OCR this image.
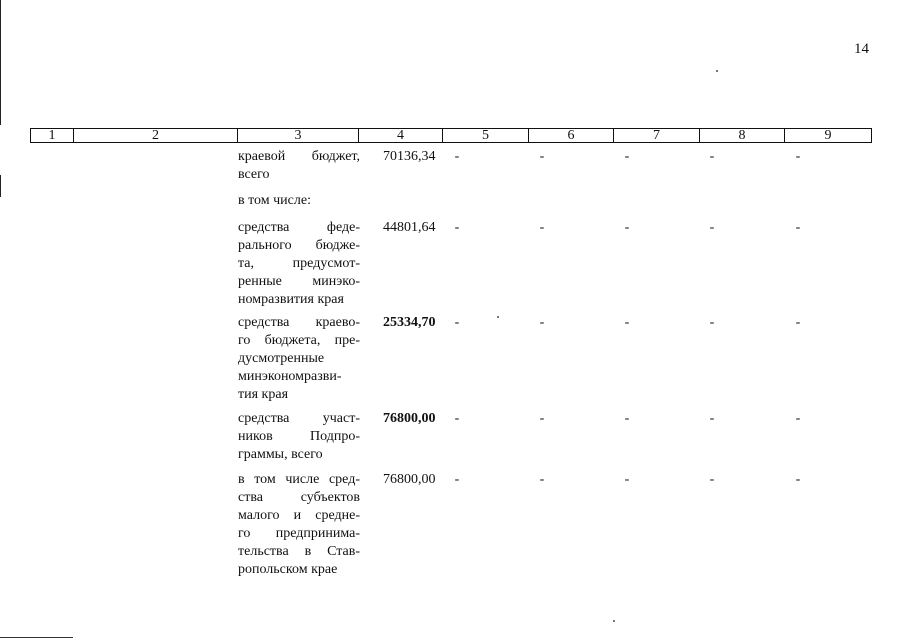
14
1	2	3	4	5	6	7	8	9
краевой бюджет,
всего
70136,34	-	-	-	-	-
в том числе:
средства феде-
рального бюдже-
та, предусмот-
ренные минэко-
номразвития края
44801,64	-	-	-	-	-
средства краево-
го бюджета, пре-
дусмотренные
минэкономразви-
тия края
25334,70	-	-	-	-	-
средства участ-
ников Подпро-
граммы, всего
76800,00	-	-	-	-	-
в том числе сред-
ства субъектов
малого и средне-
го предпринима-
тельства в Став-
ропольском крае
76800,00	-	-	-	-	-
